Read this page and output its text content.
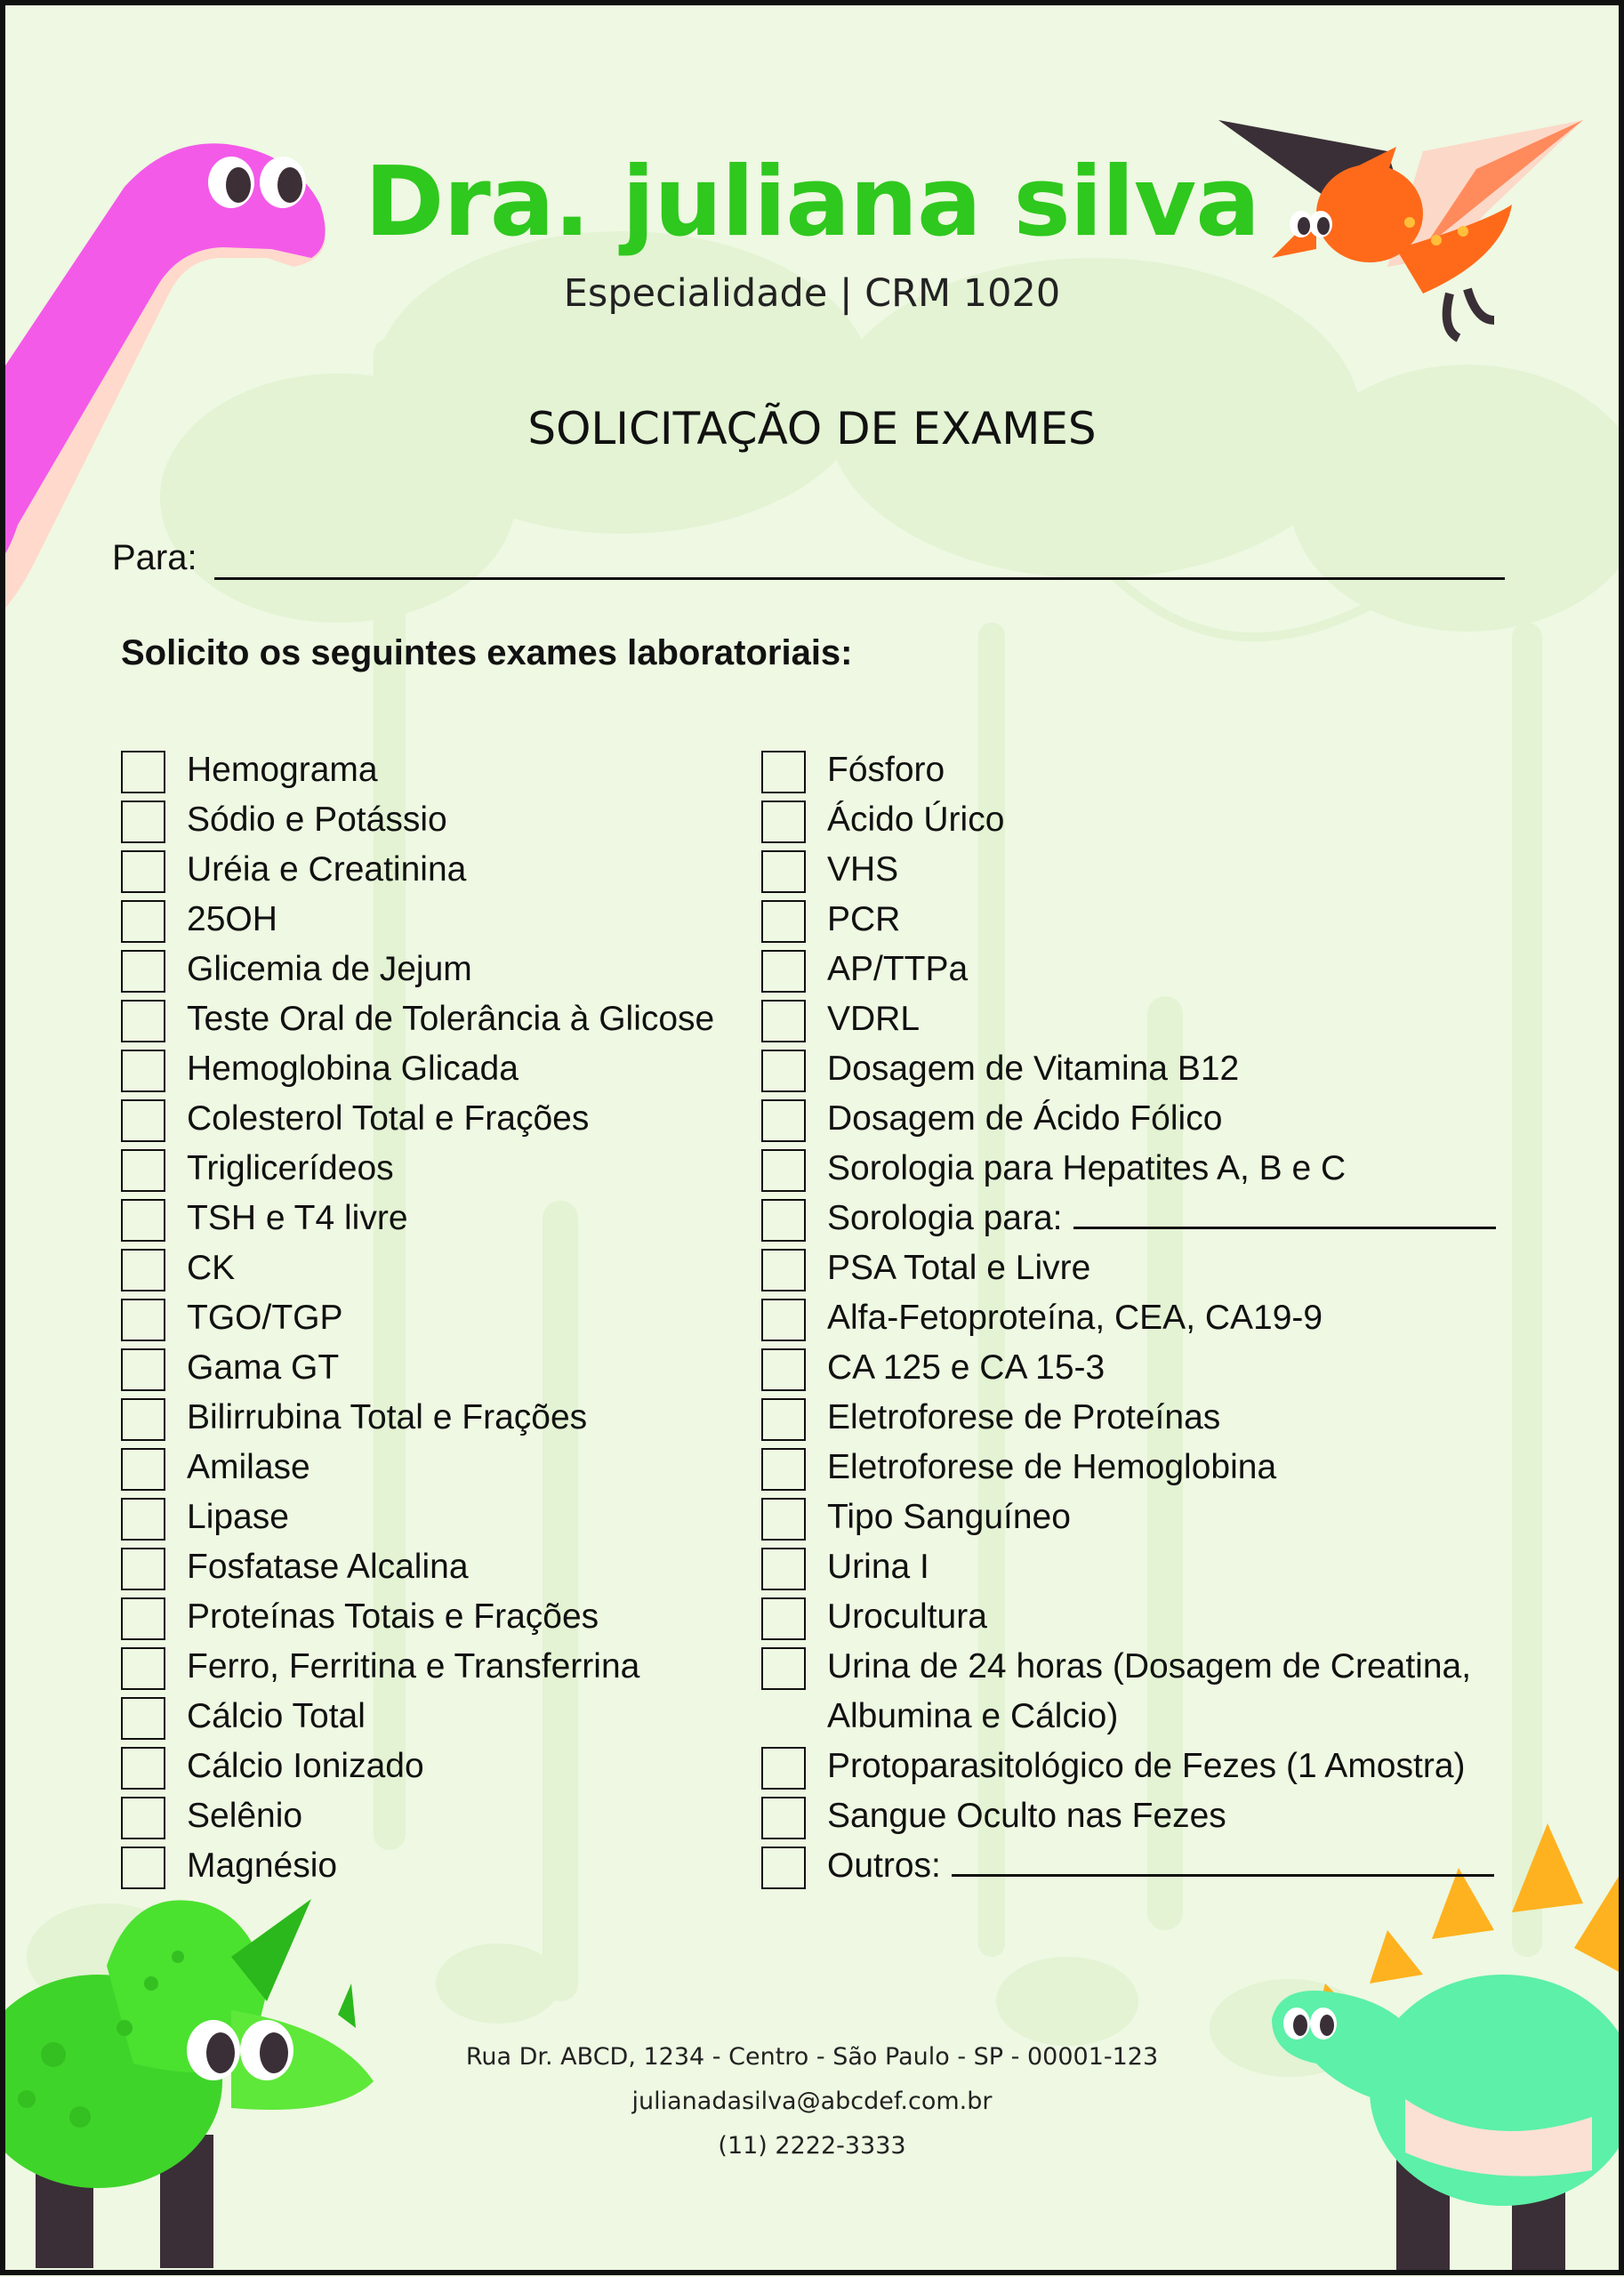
Dra. juliana silva
Especialidade | CRM 1020
SOLICITAÇÃO DE EXAMES
Para:
Solicito os seguintes exames laboratoriais:
Hemograma
Sódio e Potássio
Uréia e Creatinina
25OH
Glicemia de Jejum
Teste Oral de Tolerância à Glicose
Hemoglobina Glicada
Colesterol Total e Frações
Triglicerídeos
TSH e T4 livre
CK
TGO/TGP
Gama GT
Bilirrubina Total e Frações
Amilase
Lipase
Fosfatase Alcalina
Proteínas Totais e Frações
Ferro, Ferritina e Transferrina
Cálcio Total
Cálcio Ionizado
Selênio
Magnésio
Fósforo
Ácido Úrico
VHS
PCR
AP/TTPa
VDRL
Dosagem de Vitamina B12
Dosagem de Ácido Fólico
Sorologia para Hepatites A, B e C
Sorologia para:
PSA Total e Livre
Alfa-Fetoproteína, CEA, CA19-9
CA 125 e CA 15-3
Eletroforese de Proteínas
Eletroforese de Hemoglobina
Tipo Sanguíneo
Urina I
Urocultura
Urina de 24 horas (Dosagem de Creatina, Albumina e Cálcio)
Protoparasitológico de Fezes (1 Amostra)
Sangue Oculto nas Fezes
Outros:
Rua Dr. ABCD, 1234 - Centro - São Paulo - SP - 00001-123
julianadasilva@abcdef.com.br
(11) 2222-3333
